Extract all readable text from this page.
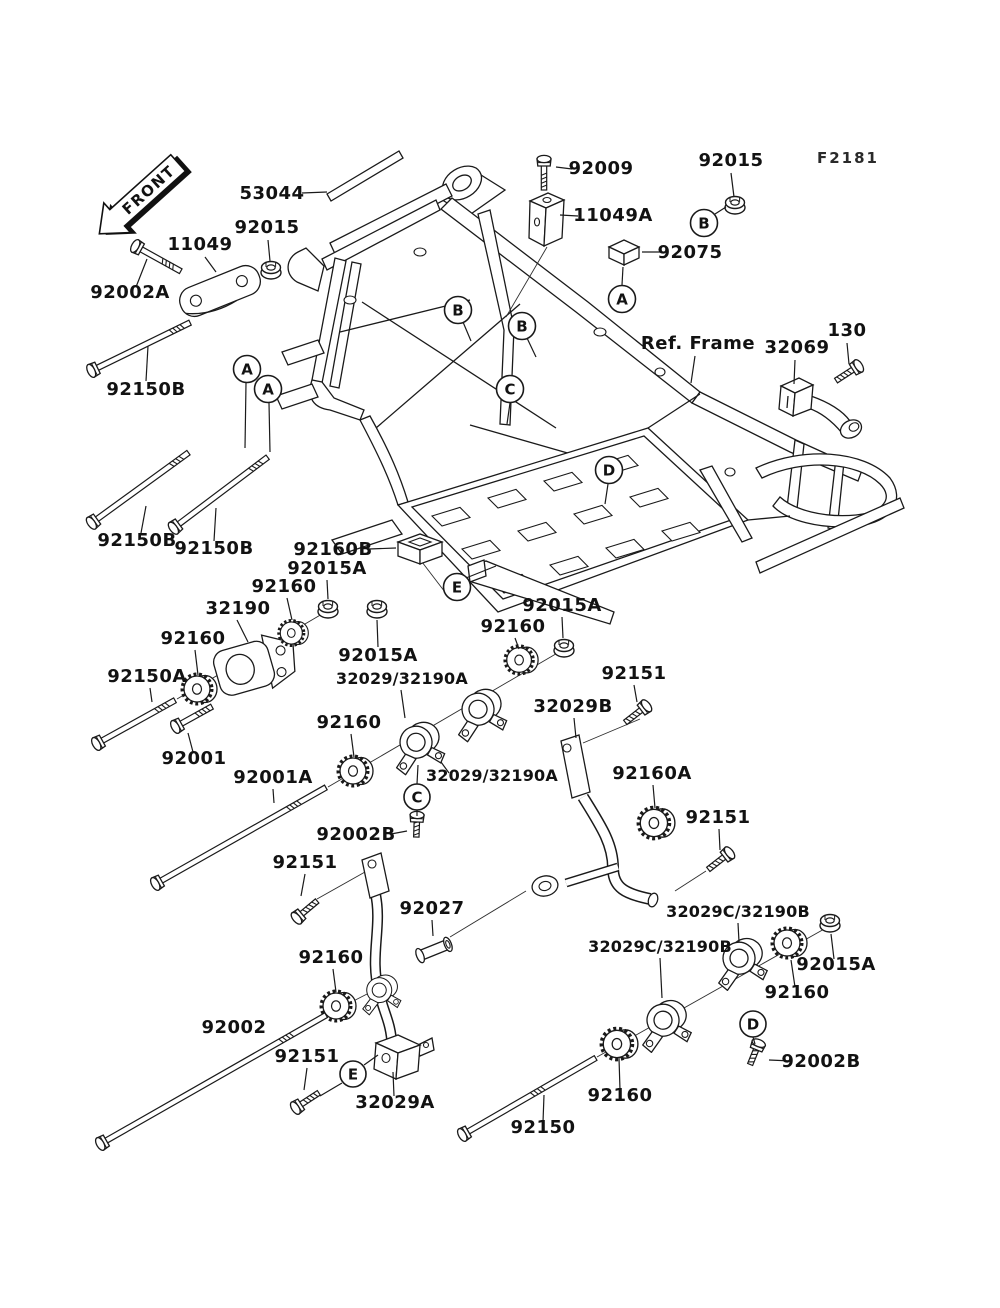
A
A
A
B
B
B
C
C
D
D
E
E
53044
92009	92015	F2181
11049A
92015
11049
92002A
92075
92150B
Ref. Frame 32069
130
92150B
92150B 92160B
92015A
92160
32190
92160
92150A
92015A
32029/32190A
92160
32029/32190A
92002B
92151
92001
92001A
92160
92015A
92151
32029B
92160A
92151
32029C/32190B
32029C/32190B
92015A
92160
92160
92002B
92160
92027
92002
92151
32029A
92150
FRONT
